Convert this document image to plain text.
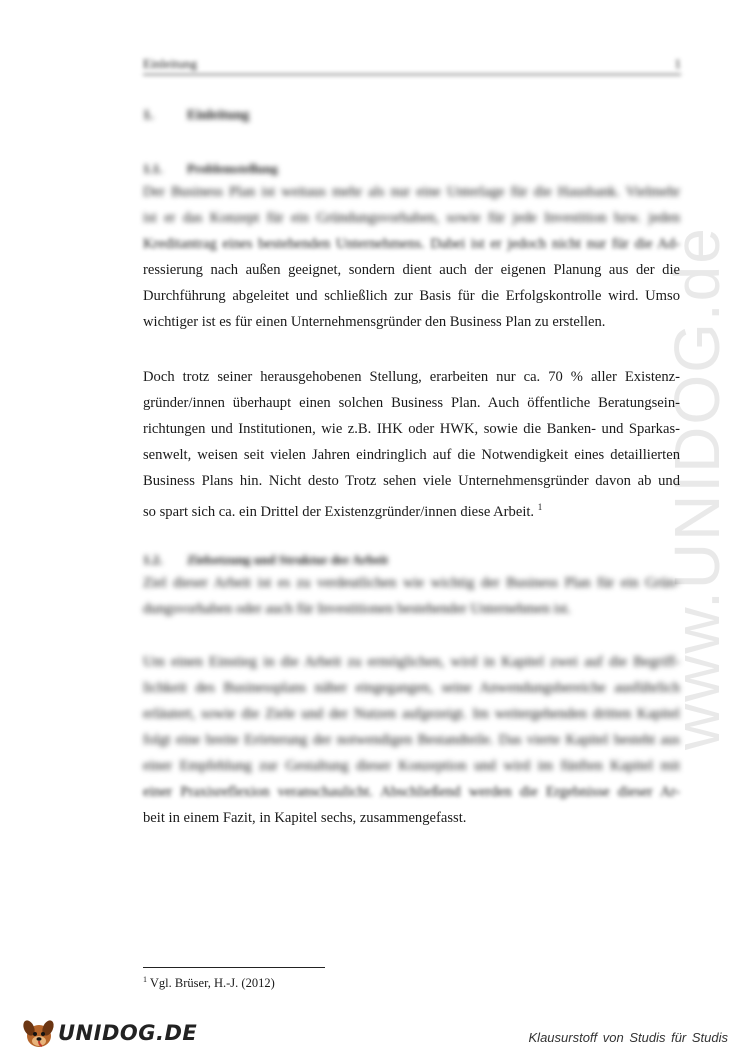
www.UNIDOG.de
Einleitung	1
1. Einleitung
1.1. Problemstellung
Der Business Plan ist weitaus mehr als nur eine Unterlage für die Hausbank. Vielmehr
ist er das Konzept für ein Gründungsvorhaben, sowie für jede Investition bzw. jeden
Kreditantrag eines bestehenden Unternehmens. Dabei ist er jedoch nicht nur für die Ad-
ressierung nach außen geeignet, sondern dient auch der eigenen Planung aus der die
Durchführung abgeleitet und schließlich zur Basis für die Erfolgskontrolle wird. Umso
wichtiger ist es für einen Unternehmensgründer den Business Plan zu erstellen.
Doch trotz seiner herausgehobenen Stellung, erarbeiten nur ca. 70 % aller Existenz-
gründer/innen überhaupt einen solchen Business Plan. Auch öffentliche Beratungsein-
richtungen und Institutionen, wie z.B. IHK oder HWK, sowie die Banken- und Sparkas-
senwelt, weisen seit vielen Jahren eindringlich auf die Notwendigkeit eines detaillierten
Business Plans hin. Nicht desto Trotz sehen viele Unternehmensgründer davon ab und
so spart sich ca. ein Drittel der Existenzgründer/innen diese Arbeit. $^1$
1.2. Zielsetzung und Struktur der Arbeit
Ziel dieser Arbeit ist es zu verdeutlichen wie wichtig der Business Plan für ein Grün-
dungsvorhaben oder auch für Investitionen bestehender Unternehmen ist.
Um einen Einstieg in die Arbeit zu ermöglichen, wird in Kapitel zwei auf die Begriff-
lichkeit des Businessplans näher eingegangen, seine Anwendungsbereiche ausführlich
erläutert, sowie die Ziele und der Nutzen aufgezeigt. Im weitergehenden dritten Kapitel
folgt eine breite Erörterung der notwendigen Bestandteile. Das vierte Kapitel besteht aus
einer Empfehlung zur Gestaltung dieser Konzeption und wird im fünften Kapitel mit
einer Praxisreflexion veranschaulicht. Abschließend werden die Ergebnisse dieser Ar-
beit in einem Fazit, in Kapitel sechs, zusammengefasst.
$^1$ Vgl. Brüser, H.-J. (2012)
UNIDOG.DE	Klausurstoff von Studis für Studis
